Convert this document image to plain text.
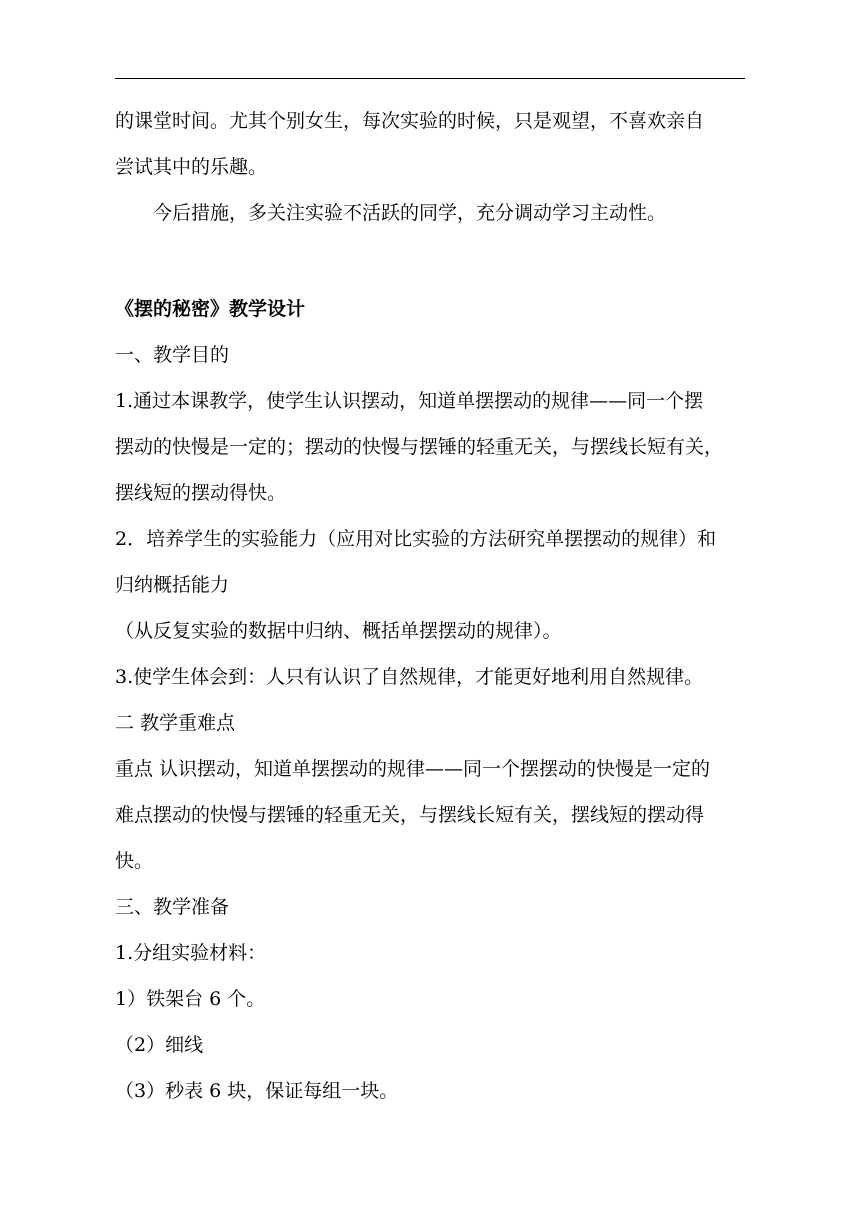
的课堂时间。尤其个别女生，每次实验的时候，只是观望，不喜欢亲自

尝试其中的乐趣。

今后措施，多关注实验不活跃的同学，充分调动学习主动性。

《摆的秘密》教学设计

一、教学目的

1.通过本课教学，使学生认识摆动，知道单摆摆动的规律——同一个摆

摆动的快慢是一定的；摆动的快慢与摆锤的轻重无关，与摆线长短有关，

摆线短的摆动得快。

2．培养学生的实验能力（应用对比实验的方法研究单摆摆动的规律）和

归纳概括能力

（从反复实验的数据中归纳、概括单摆摆动的规律）。

3.使学生体会到：人只有认识了自然规律，才能更好地利用自然规律。

二 教学重难点

重点 认识摆动，知道单摆摆动的规律——同一个摆摆动的快慢是一定的

难点摆动的快慢与摆锤的轻重无关，与摆线长短有关，摆线短的摆动得

快。

三、教学准备

1.分组实验材料：

1）铁架台 6 个。

（2）细线

（3）秒表 6 块，保证每组一块。
